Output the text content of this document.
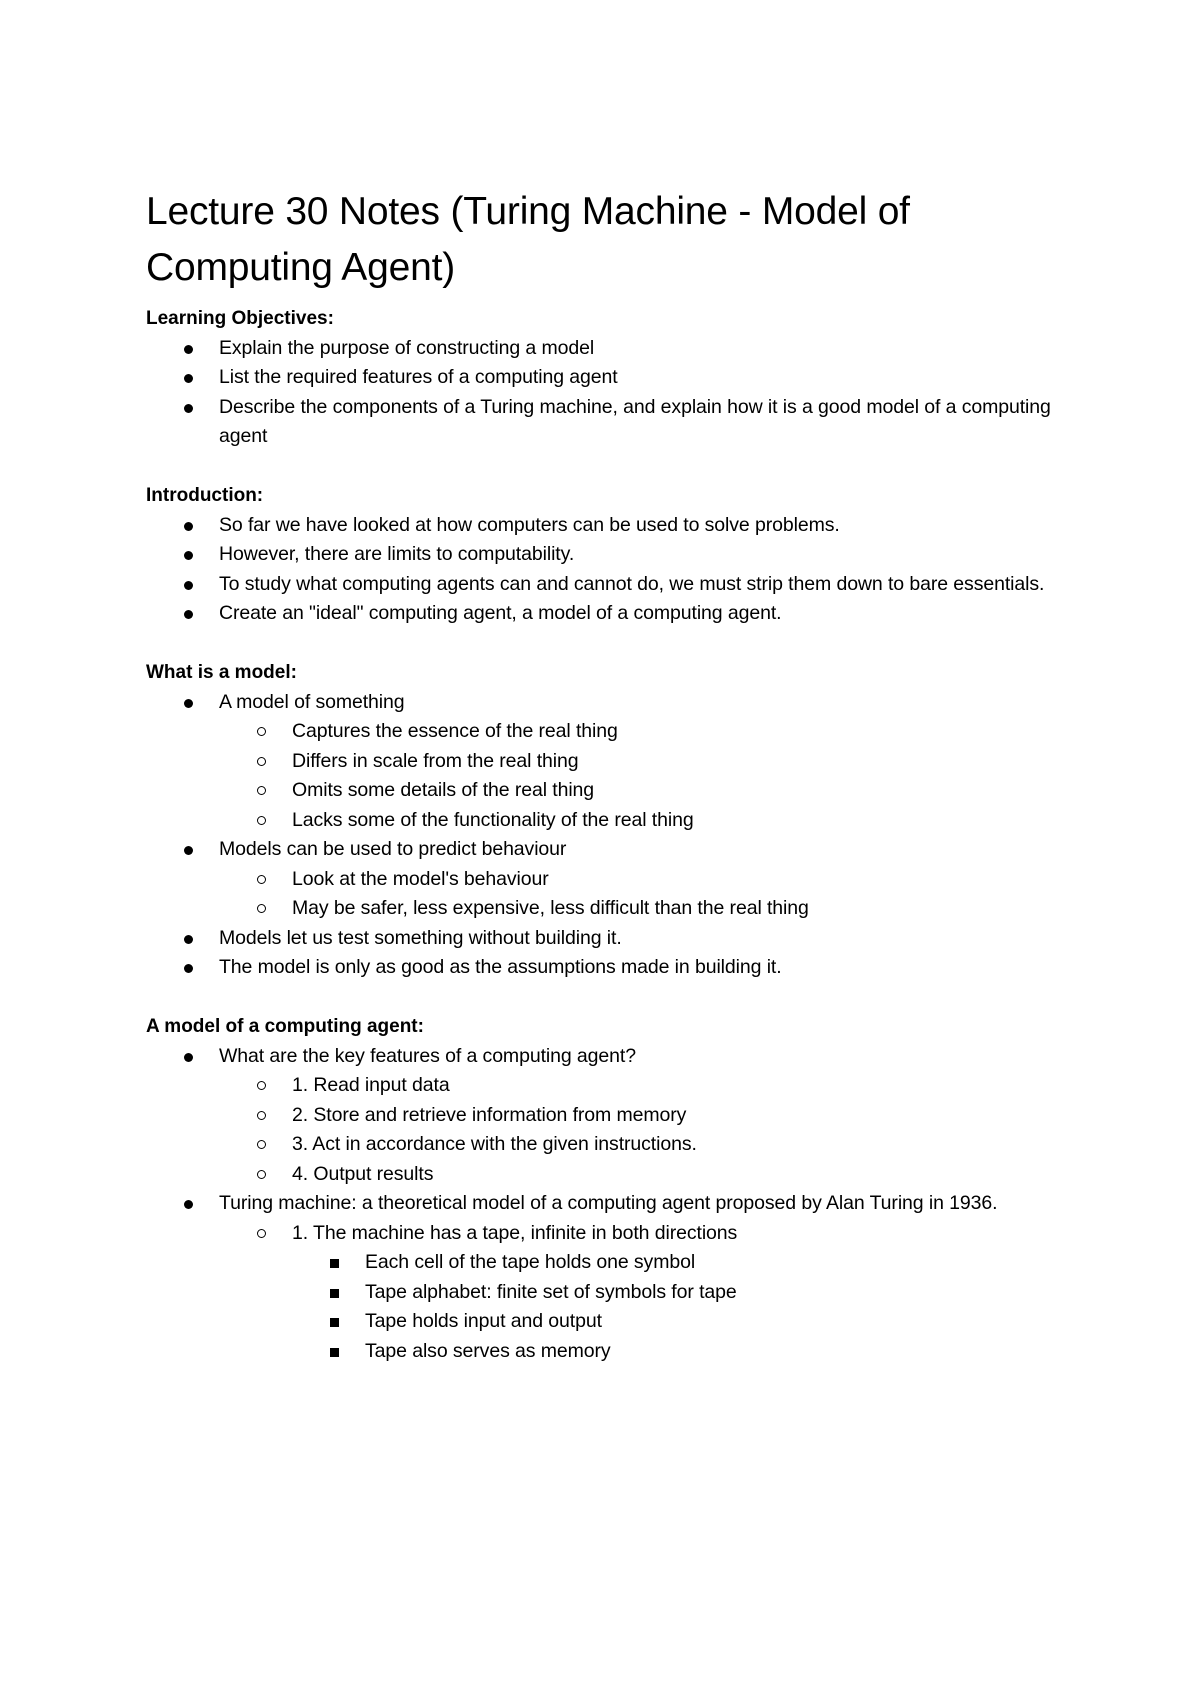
Lecture 30 Notes (Turing Machine - Model of Computing Agent)

Learning Objectives:

Explain the purpose of constructing a model
List the required features of a computing agent
Describe the components of a Turing machine, and explain how it is a good model of a computing agent

Introduction:

So far we have looked at how computers can be used to solve problems.
However, there are limits to computability.
To study what computing agents can and cannot do, we must strip them down to bare essentials.
Create an "ideal" computing agent, a model of a computing agent.

What is a model:

A model of something
Captures the essence of the real thing
Differs in scale from the real thing
Omits some details of the real thing
Lacks some of the functionality of the real thing
Models can be used to predict behaviour
Look at the model's behaviour
May be safer, less expensive, less difficult than the real thing
Models let us test something without building it.
The model is only as good as the assumptions made in building it.

A model of a computing agent:

What are the key features of a computing agent?
1. Read input data
2. Store and retrieve information from memory
3. Act in accordance with the given instructions.
4. Output results
Turing machine: a theoretical model of a computing agent proposed by Alan Turing in 1936.
1. The machine has a tape, infinite in both directions
Each cell of the tape holds one symbol
Tape alphabet: finite set of symbols for tape
Tape holds input and output
Tape also serves as memory
